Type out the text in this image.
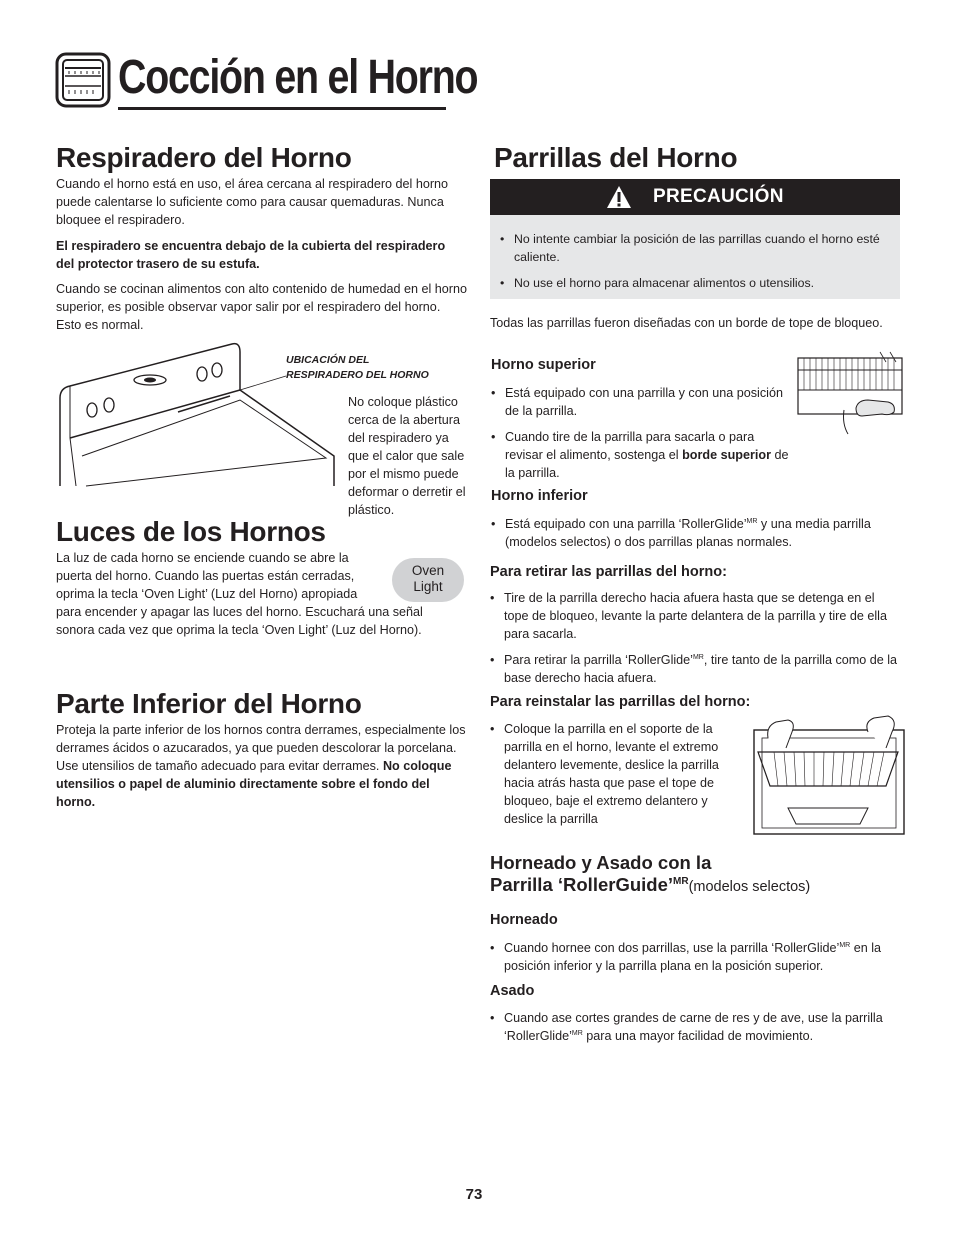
Cocción en el Horno
Respiradero del Horno

Cuando el horno está en uso, el área cercana al respiradero del horno puede calentarse lo suficiente como para causar quemaduras. Nunca bloquee el respiradero.

El respiradero se encuentra debajo de la cubierta del respiradero del protector trasero de su estufa.

Cuando se cocinan alimentos con alto contenido de humedad en el horno superior, es posible observar vapor salir por el respiradero del horno. Esto es normal.

UBICACIÓN DEL
RESPIRADERO DEL HORNO

No coloque plástico cerca de la abertura del respiradero ya que el calor que sale por el mismo puede deformar o derretir el plástico.

Luces de los Hornos
La luz de cada horno se enciende cuando se abre la puerta del horno. Cuando las puertas están cerradas, oprima la tecla ‘Oven Light’ (Luz del Horno) apropiada para encender y apagar las luces del horno. Escuchará una señal sonora cada vez que oprima la tecla ‘Oven Light’ (Luz del Horno).
Oven
Light
Parte Inferior del Horno

Proteja la parte inferior de los hornos contra derrames, especialmente los derrames ácidos o azucarados, ya que pueden descolorar la porcelana. Use utensilios de tamaño adecuado para evitar derrames. No coloque utensilios o papel de aluminio directamente sobre el fondo del horno.

Parrillas del Horno
PRECAUCIÓN
• No intente cambiar la posición de las parrillas cuando el horno esté caliente.
• No use el horno para almacenar alimentos o utensilios.

Todas las parrillas fueron diseñadas con un borde de tope de bloqueo.

Horno superior
• Está equipado con una parrilla y con una posición de la parrilla.
• Cuando tire de la parrilla para sacarla o para revisar el alimento, sostenga el borde superior de la parrilla.
Horno inferior
• Está equipado con una parrilla ‘RollerGlide’$^{MR}$ y una media parrilla (modelos selectos) o dos parrillas planas normales.
Para retirar las parrillas del horno:
• Tire de la parrilla derecho hacia afuera hasta que se detenga en el tope de bloqueo, levante la parte delantera de la parrilla y tire de ella para sacarla.
• Para retirar la parrilla ‘RollerGlide’$^{MR}$, tire tanto de la parrilla como de la base derecho hacia afuera.
Para reinstalar las parrillas del horno:
• Coloque la parrilla en el soporte de la parrilla en el horno, levante el extremo delantero levemente, deslice la parrilla hacia atrás hasta que pase el tope de bloqueo, baje el extremo delantero y deslice la parrilla
Horneado y Asado con la
Parrilla ‘RollerGuide’$^{MR}$(modelos selectos)
Horneado
• Cuando hornee con dos parrillas, use la parrilla ‘RollerGlide’$^{MR}$ en la posición inferior y la parrilla plana en la posición superior.
Asado
• Cuando ase cortes grandes de carne de res y de ave, use la parrilla ‘RollerGlide’$^{MR}$ para una mayor facilidad de movimiento.
73
